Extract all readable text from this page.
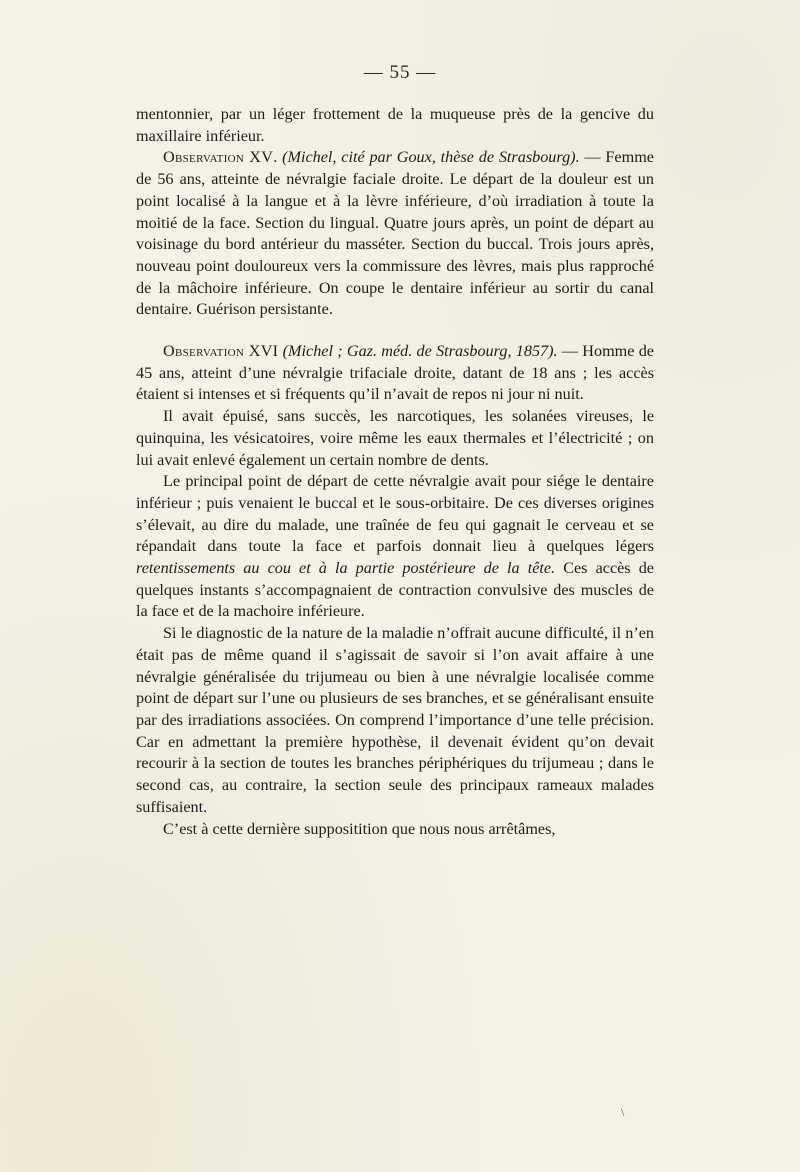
— 55 —

mentonnier, par un léger frottement de la muqueuse près de la gencive du maxillaire inférieur.

Observation XV. (Michel, cité par Goux, thèse de Strasbourg). — Femme de 56 ans, atteinte de névralgie faciale droite. Le départ de la douleur est un point localisé à la langue et à la lèvre inférieure, d’où irradiation à toute la moitié de la face. Section du lingual. Quatre jours après, un point de départ au voisinage du bord antérieur du masséter. Section du buccal. Trois jours après, nouveau point douloureux vers la commissure des lèvres, mais plus rapproché de la mâchoire inférieure. On coupe le dentaire inférieur au sortir du canal dentaire. Guérison persistante.

Observation XVI (Michel ; Gaz. méd. de Strasbourg, 1857). — Homme de 45 ans, atteint d’une névralgie trifaciale droite, datant de 18 ans ; les accès étaient si intenses et si fréquents qu’il n’avait de repos ni jour ni nuit.

Il avait épuisé, sans succès, les narcotiques, les solanées vireuses, le quinquina, les vésicatoires, voire même les eaux thermales et l’électricité ; on lui avait enlevé également un certain nombre de dents.

Le principal point de départ de cette névralgie avait pour siége le dentaire inférieur ; puis venaient le buccal et le sous-orbitaire. De ces diverses origines s’élevait, au dire du malade, une traînée de feu qui gagnait le cerveau et se répandait dans toute la face et parfois donnait lieu à quelques légers retentissements au cou et à la partie postérieure de la tête. Ces accès de quelques instants s’accompagnaient de contraction convulsive des muscles de la face et de la machoire inférieure.

Si le diagnostic de la nature de la maladie n’offrait aucune difficulté, il n’en était pas de même quand il s’agissait de savoir si l’on avait affaire à une névralgie généralisée du trijumeau ou bien à une névralgie localisée comme point de départ sur l’une ou plusieurs de ses branches, et se généralisant ensuite par des irradiations associées. On comprend l’importance d’une telle précision. Car en admettant la première hypothèse, il devenait évident qu’on devait recourir à la section de toutes les branches périphériques du trijumeau ; dans le second cas, au contraire, la section seule des principaux rameaux malades suffisaient.

C’est à cette dernière suppositition que nous nous arrêtâmes,

\
